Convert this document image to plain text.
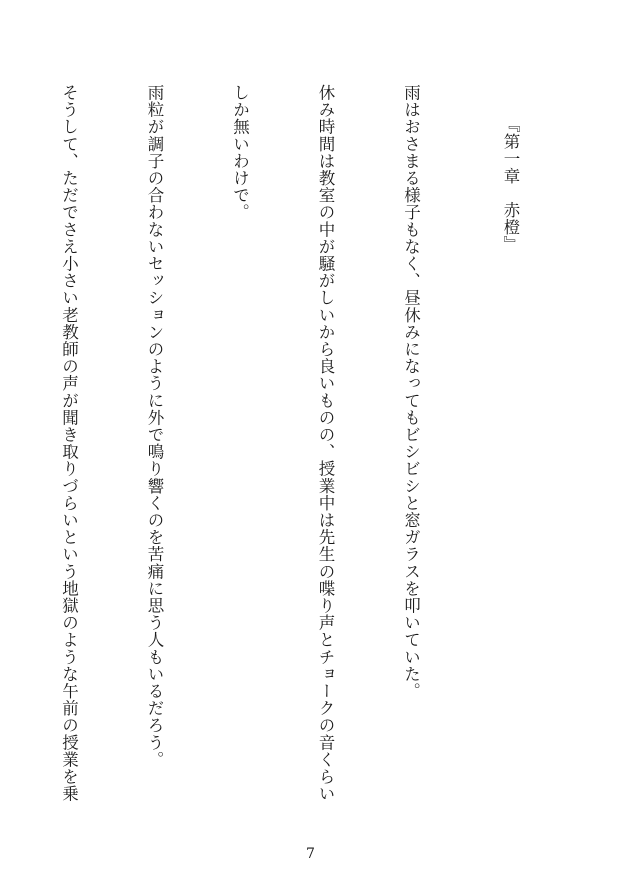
『第一章　赤橙』

雨はおさまる様子もなく、昼休みになってもビシビシと窓ガラスを叩いていた。

休み時間は教室の中が騒がしいから良いものの、授業中は先生の喋り声とチョークの音くらい

しか無いわけで。

雨粒が調子の合わないセッションのように外で鳴り響くのを苦痛に思う人もいるだろう。

そうして、ただでさえ小さい老教師の声が聞き取りづらいという地獄のような午前の授業を乗

7
